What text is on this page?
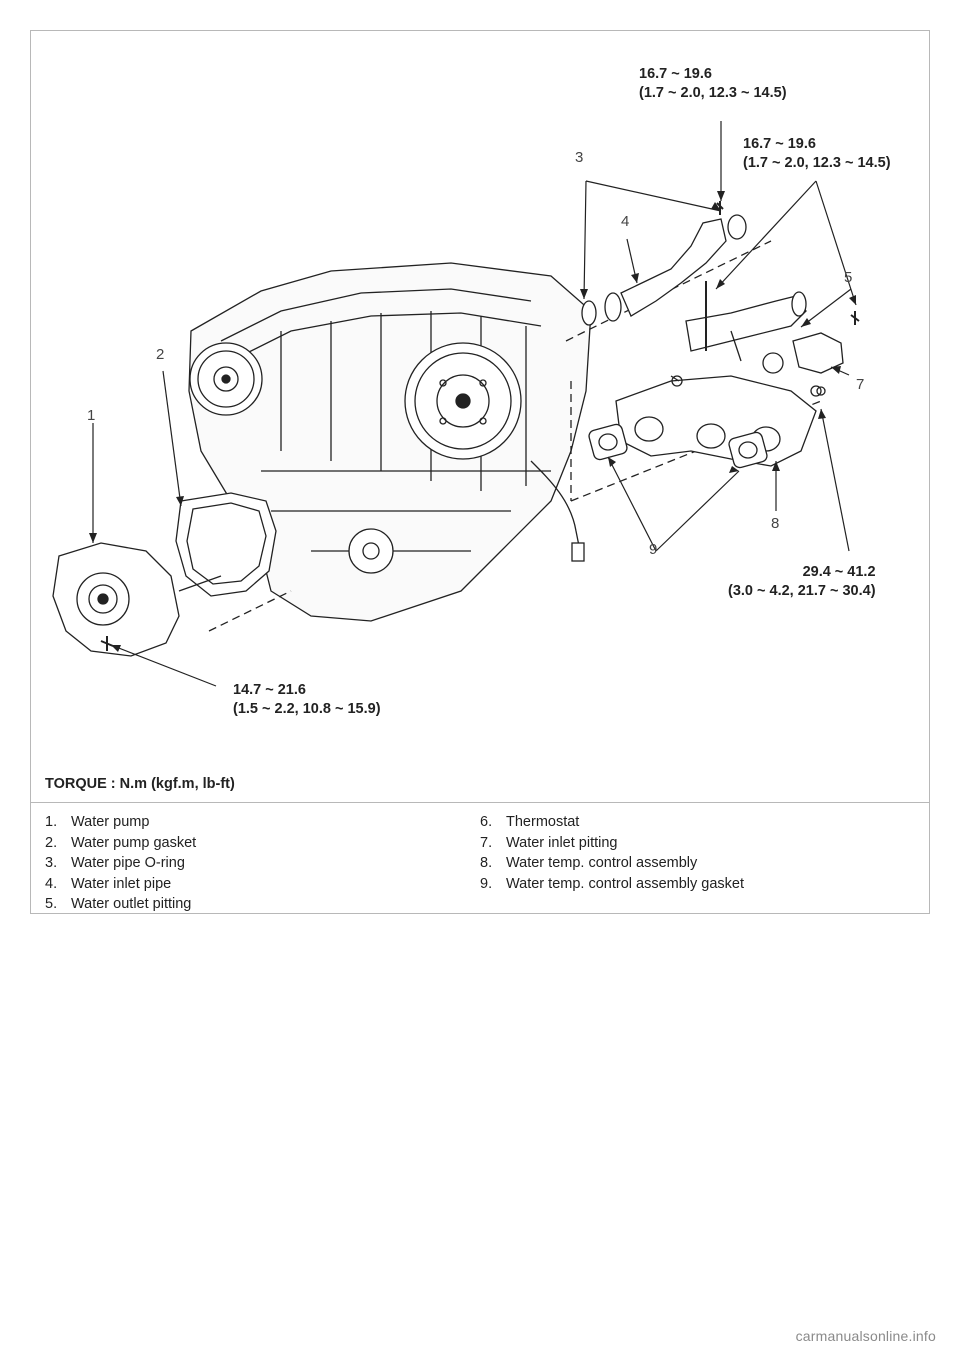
16.7 ~ 19.6
(1.7 ~ 2.0, 12.3 ~ 14.5)
16.7 ~ 19.6
(1.7 ~ 2.0, 12.3 ~ 14.5)
29.4 ~ 41.2
(3.0 ~ 4.2, 21.7 ~ 30.4)
14.7 ~ 21.6
(1.5 ~ 2.2, 10.8 ~ 15.9)
TORQUE : N.m (kgf.m, lb-ft)
1
2
3
4
5
7
8
9
1. Water pump
2. Water pump gasket
3. Water pipe O-ring
4. Water inlet pipe
5. Water outlet pitting
6. Thermostat
7. Water inlet pitting
8. Water temp. control assembly
9. Water temp. control assembly gasket
carmanualsonline.info
